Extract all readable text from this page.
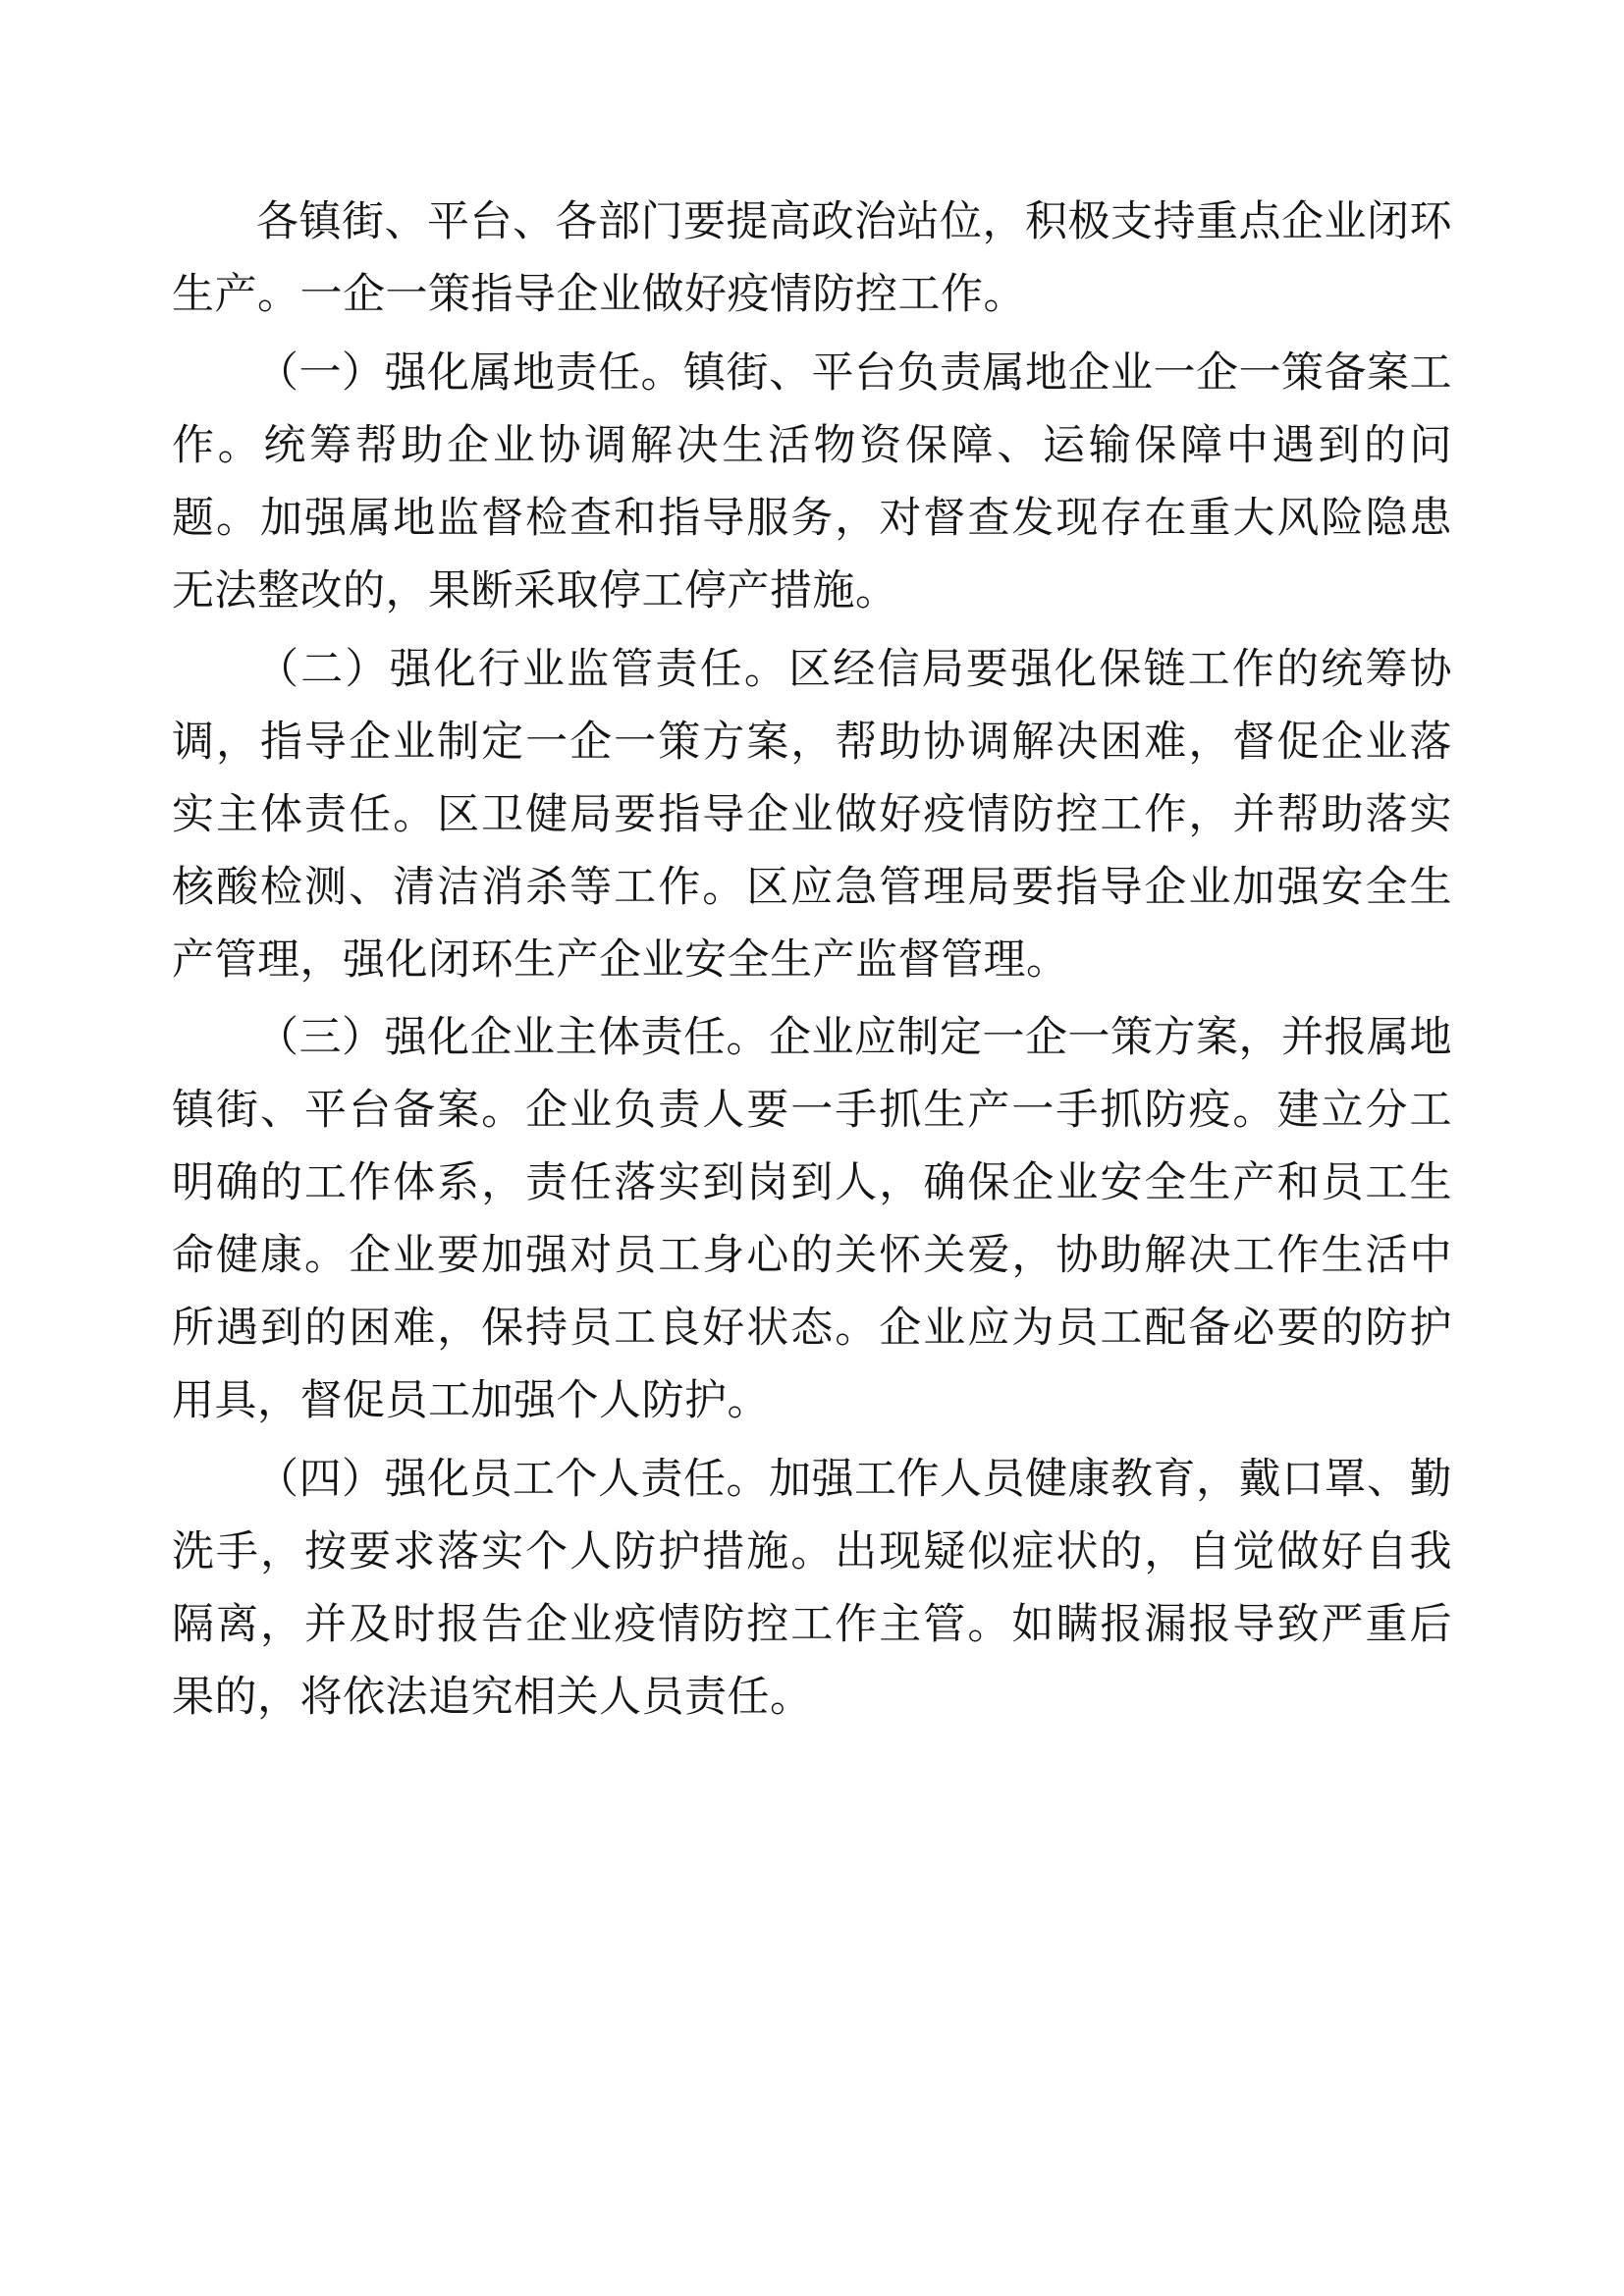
各镇街、平台、各部门要提高政治站位，积极支持重点企业闭环生产。一企一策指导企业做好疫情防控工作。

（一）强化属地责任。镇街、平台负责属地企业一企一策备案工作。统筹帮助企业协调解决生活物资保障、运输保障中遇到的问题。加强属地监督检查和指导服务，对督查发现存在重大风险隐患无法整改的，果断采取停工停产措施。

（二）强化行业监管责任。区经信局要强化保链工作的统筹协调，指导企业制定一企一策方案，帮助协调解决困难，督促企业落实主体责任。区卫健局要指导企业做好疫情防控工作，并帮助落实核酸检测、清洁消杀等工作。区应急管理局要指导企业加强安全生产管理，强化闭环生产企业安全生产监督管理。

（三）强化企业主体责任。企业应制定一企一策方案，并报属地镇街、平台备案。企业负责人要一手抓生产一手抓防疫。建立分工明确的工作体系，责任落实到岗到人，确保企业安全生产和员工生命健康。企业要加强对员工身心的关怀关爱，协助解决工作生活中所遇到的困难，保持员工良好状态。企业应为员工配备必要的防护用具，督促员工加强个人防护。

（四）强化员工个人责任。加强工作人员健康教育，戴口罩、勤洗手，按要求落实个人防护措施。出现疑似症状的，自觉做好自我隔离，并及时报告企业疫情防控工作主管。如瞒报漏报导致严重后果的，将依法追究相关人员责任。
